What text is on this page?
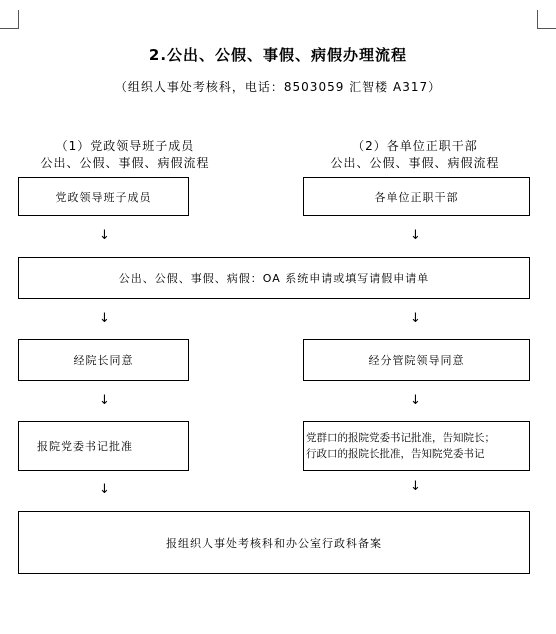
2.公出、公假、事假、病假办理流程
（组织人事处考核科，电话：8503059 汇智楼 A317）
（1）党政领导班子成员
公出、公假、事假、病假流程
（2）各单位正职干部
公出、公假、事假、病假流程
党政领导班子成员	各单位正职干部
↓	↓
公出、公假、事假、病假：OA 系统申请或填写请假申请单
↓	↓
经院长同意	经分管院领导同意
↓	↓
报院党委书记批准
党群口的报院党委书记批准，告知院长；
行政口的报院长批准，告知院党委书记
↓	↓
报组织人事处考核科和办公室行政科备案
